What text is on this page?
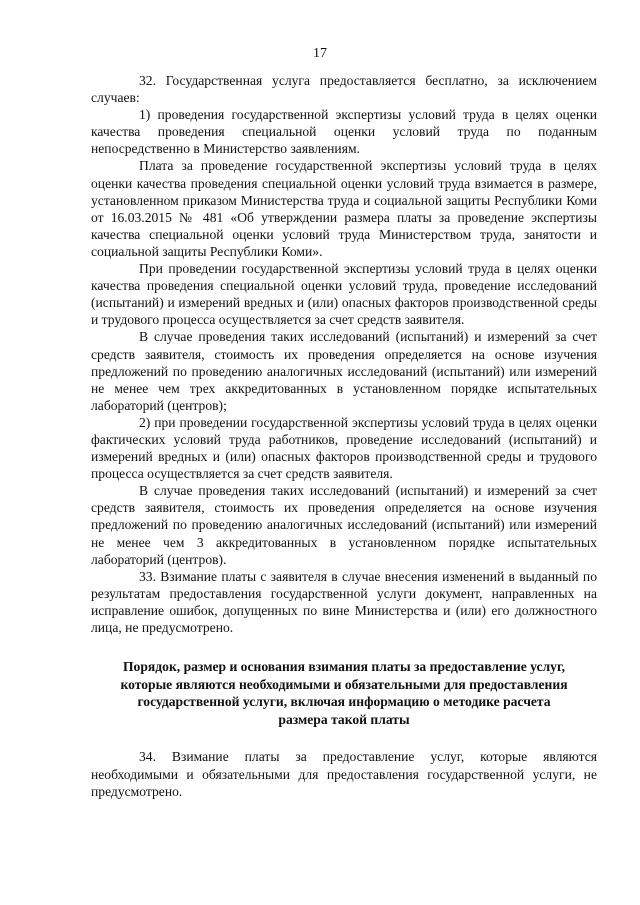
17

32. Государственная услуга предоставляется бесплатно, за исключением случаев:

1) проведения государственной экспертизы условий труда в целях оценки качества проведения специальной оценки условий труда по поданным непосредственно в Министерство заявлениям.

Плата за проведение государственной экспертизы условий труда в целях оценки качества проведения специальной оценки условий труда взимается в размере, установленном приказом Министерства труда и социальной защиты Республики Коми от 16.03.2015 № 481 «Об утверждении размера платы за проведение экспертизы качества специальной оценки условий труда Министерством труда, занятости и социальной защиты Республики Коми».

При проведении государственной экспертизы условий труда в целях оценки качества проведения специальной оценки условий труда, проведение исследований (испытаний) и измерений вредных и (или) опасных факторов производственной среды и трудового процесса осуществляется за счет средств заявителя.

В случае проведения таких исследований (испытаний) и измерений за счет средств заявителя, стоимость их проведения определяется на основе изучения предложений по проведению аналогичных исследований (испытаний) или измерений не менее чем трех аккредитованных в установленном порядке испытательных лабораторий (центров);

2) при проведении государственной экспертизы условий труда в целях оценки фактических условий труда работников, проведение исследований (испытаний) и измерений вредных и (или) опасных факторов производственной среды и трудового процесса осуществляется за счет средств заявителя.

В случае проведения таких исследований (испытаний) и измерений за счет средств заявителя, стоимость их проведения определяется на основе изучения предложений по проведению аналогичных исследований (испытаний) или измерений не менее чем 3 аккредитованных в установленном порядке испытательных лабораторий (центров).

33. Взимание платы с заявителя в случае внесения изменений в выданный по результатам предоставления государственной услуги документ, направленных на исправление ошибок, допущенных по вине Министерства и (или) его должностного лица, не предусмотрено.

Порядок, размер и основания взимания платы за предоставление услуг,
которые являются необходимыми и обязательными для предоставления
государственной услуги, включая информацию о методике расчета
размера такой платы

34. Взимание платы за предоставление услуг, которые являются необходимыми и обязательными для предоставления государственной услуги, не предусмотрено.
